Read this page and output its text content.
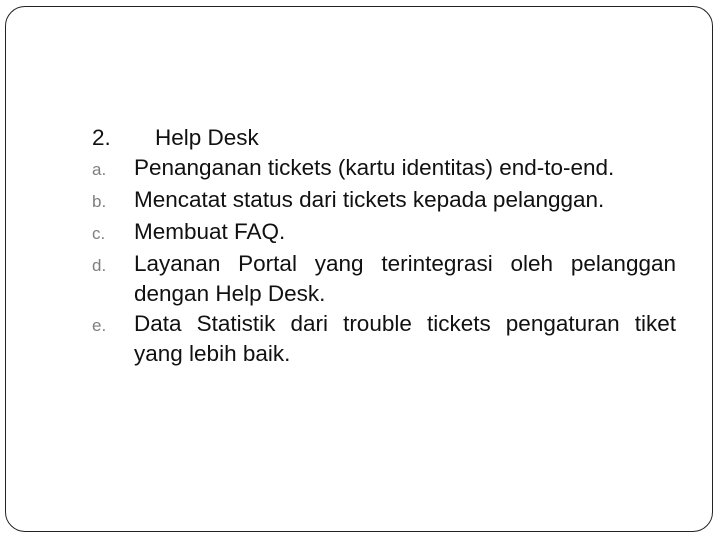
2.	Help Desk
a.	Penanganan tickets (kartu identitas) end-to-end.
b.	Mencatat status dari tickets kepada pelanggan.
c.	Membuat FAQ.
d.	Layanan Portal yang terintegrasi oleh pelanggan dengan Help Desk.
e.	Data Statistik dari trouble tickets pengaturan tiket yang lebih baik.
